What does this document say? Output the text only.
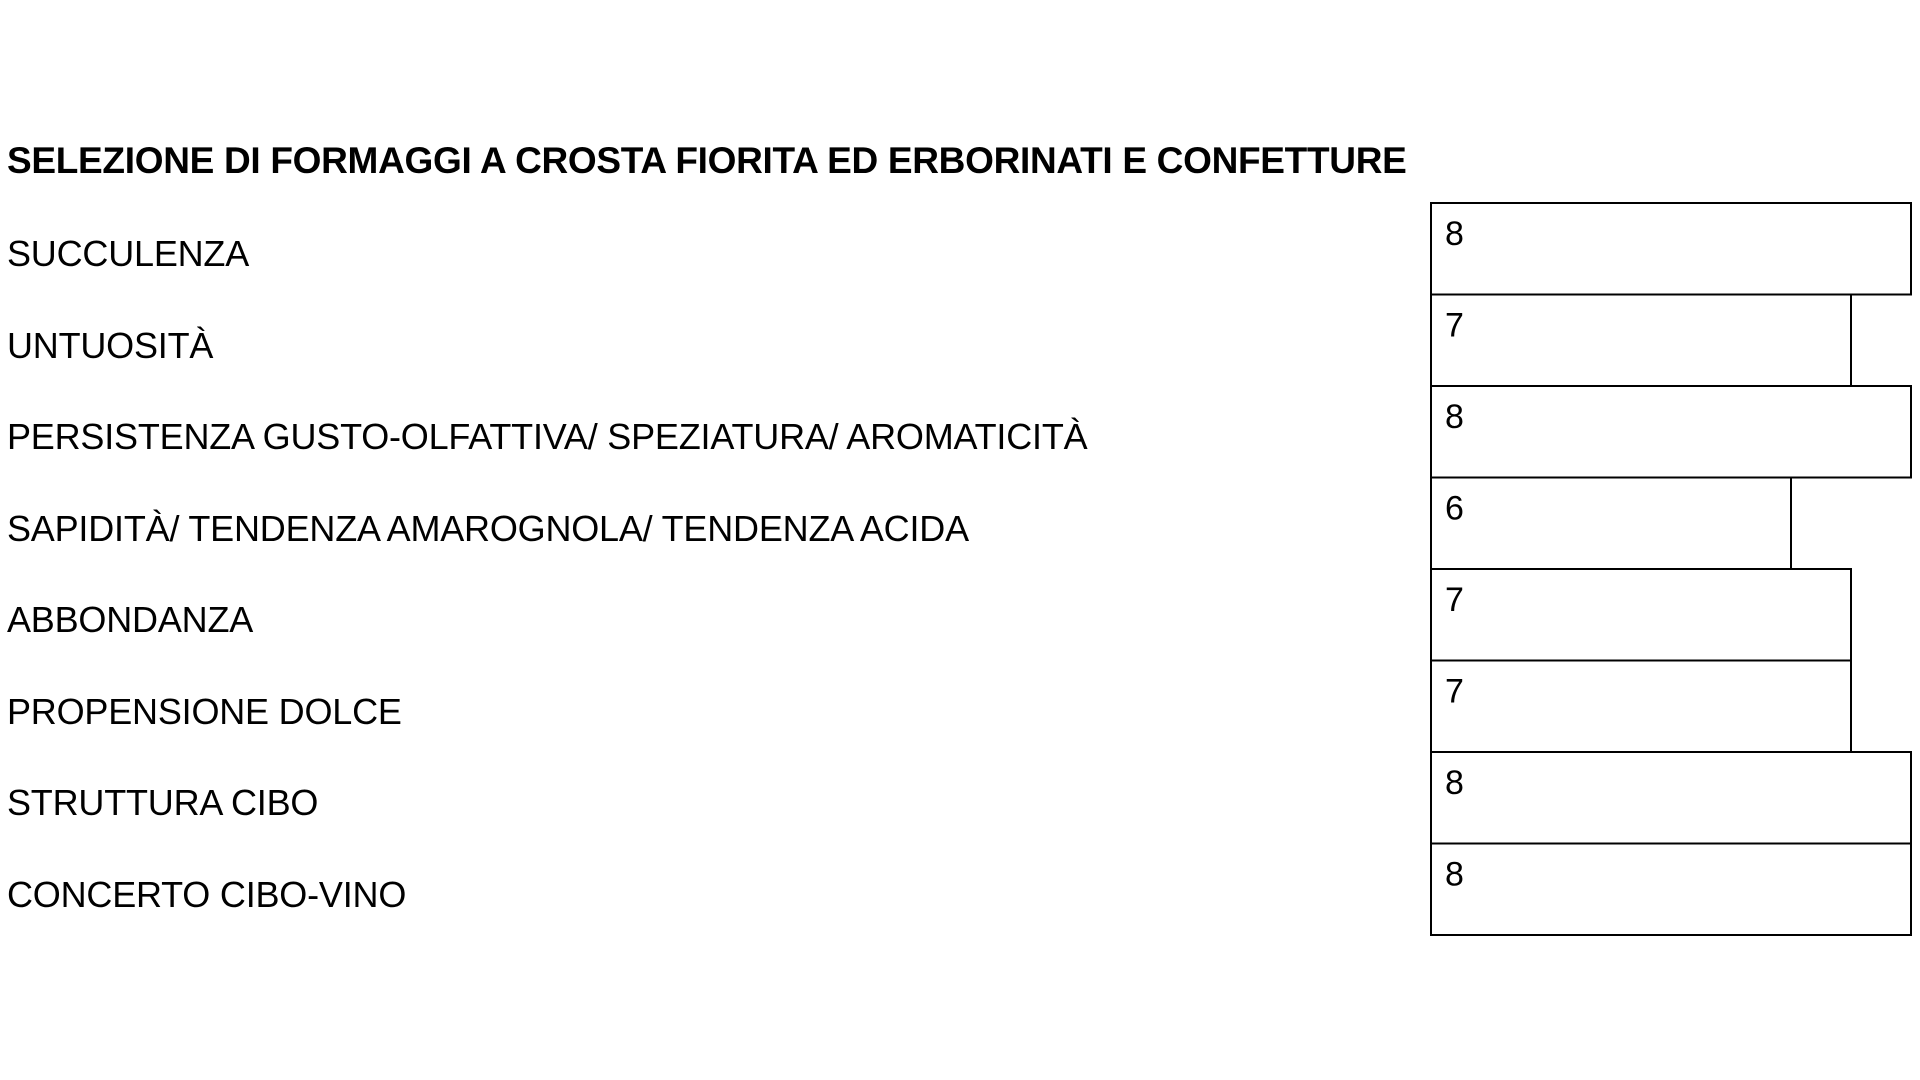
SELEZIONE DI FORMAGGI A CROSTA FIORITA ED ERBORINATI E CONFETTURE
SUCCULENZA
UNTUOSITÀ
PERSISTENZA GUSTO-OLFATTIVA/ SPEZIATURA/ AROMATICITÀ
SAPIDITÀ/ TENDENZA AMAROGNOLA/ TENDENZA ACIDA
ABBONDANZA
PROPENSIONE DOLCE
STRUTTURA CIBO
CONCERTO CIBO-VINO
8
7
8
6
7
7
8
8
